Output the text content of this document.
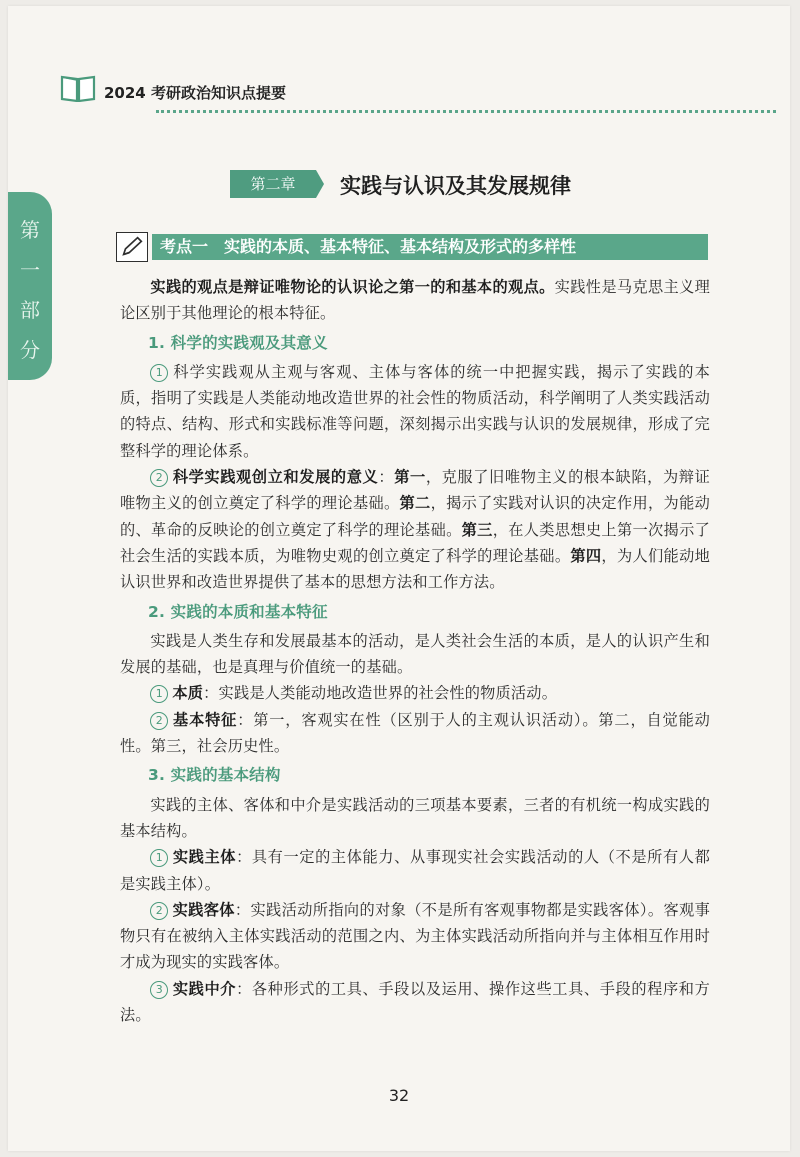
2024 考研政治知识点提要
第
一
部
分
第二章	实践与认识及其发展规律
考点一　实践的本质、基本特征、基本结构及形式的多样性

实践的观点是辩证唯物论的认识论之第一的和基本的观点。实践性是马克思主义理论区别于其他理论的根本特征。

1. 科学的实践观及其意义

1 科学实践观从主观与客观、主体与客体的统一中把握实践，揭示了实践的本质，指明了实践是人类能动地改造世界的社会性的物质活动，科学阐明了人类实践活动的特点、结构、形式和实践标准等问题，深刻揭示出实践与认识的发展规律，形成了完整科学的理论体系。

2 科学实践观创立和发展的意义：第一，克服了旧唯物主义的根本缺陷，为辩证唯物主义的创立奠定了科学的理论基础。第二，揭示了实践对认识的决定作用，为能动的、革命的反映论的创立奠定了科学的理论基础。第三，在人类思想史上第一次揭示了社会生活的实践本质，为唯物史观的创立奠定了科学的理论基础。第四，为人们能动地认识世界和改造世界提供了基本的思想方法和工作方法。

2. 实践的本质和基本特征

实践是人类生存和发展最基本的活动，是人类社会生活的本质，是人的认识产生和发展的基础，也是真理与价值统一的基础。

1 本质：实践是人类能动地改造世界的社会性的物质活动。

2 基本特征：第一，客观实在性（区别于人的主观认识活动）。第二，自觉能动性。第三，社会历史性。

3. 实践的基本结构

实践的主体、客体和中介是实践活动的三项基本要素，三者的有机统一构成实践的基本结构。

1 实践主体：具有一定的主体能力、从事现实社会实践活动的人（不是所有人都是实践主体）。

2 实践客体：实践活动所指向的对象（不是所有客观事物都是实践客体）。客观事物只有在被纳入主体实践活动的范围之内、为主体实践活动所指向并与主体相互作用时才成为现实的实践客体。

3 实践中介：各种形式的工具、手段以及运用、操作这些工具、手段的程序和方法。

32
